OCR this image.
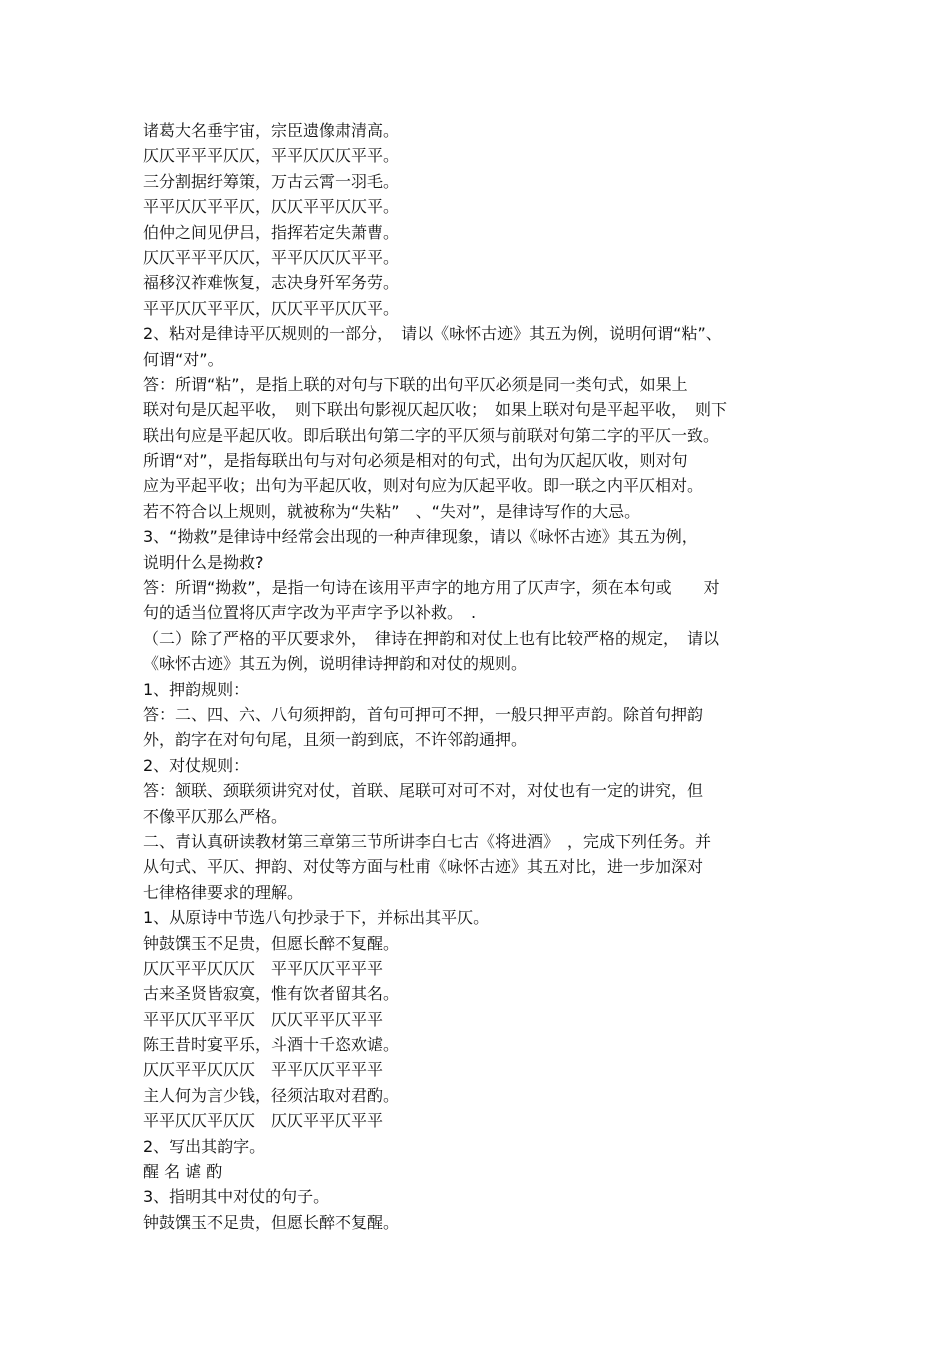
诸葛大名垂宇宙，宗臣遗像肃清高。
仄仄平平平仄仄，平平仄仄仄平平。
三分割据纡筹策，万古云霄一羽毛。
平平仄仄平平仄，仄仄平平仄仄平。
伯仲之间见伊吕，指挥若定失萧曹。
仄仄平平平仄仄，平平仄仄仄平平。
福移汉祚难恢复，志决身歼军务劳。
平平仄仄平平仄，仄仄平平仄仄平。
2、粘对是律诗平仄规则的一部分，　请以《咏怀古迹》其五为例，说明何谓“粘”、
何谓“对”。
答：所谓“粘”，是指上联的对句与下联的出句平仄必须是同一类句式，如果上
联对句是仄起平收，　则下联出句影视仄起仄收；　如果上联对句是平起平收，　则下
联出句应是平起仄收。即后联出句第二字的平仄须与前联对句第二字的平仄一致。
所谓“对”，是指每联出句与对句必须是相对的句式，出句为仄起仄收，则对句
应为平起平收；出句为平起仄收，则对句应为仄起平收。即一联之内平仄相对。
若不符合以上规则，就被称为“失粘”　、“失对”，是律诗写作的大忌。
3、“拗救”是律诗中经常会出现的一种声律现象，请以《咏怀古迹》其五为例，
说明什么是拗救?
答：所谓“拗救”，是指一句诗在该用平声字的地方用了仄声字，须在本句或　　对
句的适当位置将仄声字改为平声字予以补救。　.
（二）除了严格的平仄要求外，　律诗在押韵和对仗上也有比较严格的规定，　请以
《咏怀古迹》其五为例，说明律诗押韵和对仗的规则。
1、押韵规则：
答：二、四、六、八句须押韵，首句可押可不押，一般只押平声韵。除首句押韵
外，韵字在对句句尾，且须一韵到底，不许邻韵通押。
2、对仗规则：
答：颔联、颈联须讲究对仗，首联、尾联可对可不对，对仗也有一定的讲究，但
不像平仄那么严格。
二、青认真研读教材第三章第三节所讲李白七古《将进酒》　，完成下列任务。并
从句式、平仄、押韵、对仗等方面与杜甫《咏怀古迹》其五对比，进一步加深对
七律格律要求的理解。
1、从原诗中节选八句抄录于下，并标出其平仄。
钟鼓馔玉不足贵，但愿长醉不复醒。
仄仄平平仄仄仄　平平仄仄平平平
古来圣贤皆寂寞，惟有饮者留其名。
平平仄仄平平仄　仄仄平平仄平平
陈王昔时宴平乐，斗酒十千恣欢谑。
仄仄平平仄仄仄　平平仄仄平平平
主人何为言少钱，径须沽取对君酌。
平平仄仄平仄仄　仄仄平平仄平平
2、写出其韵字。
醒 名 谑 酌
3、指明其中对仗的句子。
钟鼓馔玉不足贵，但愿长醉不复醒。
